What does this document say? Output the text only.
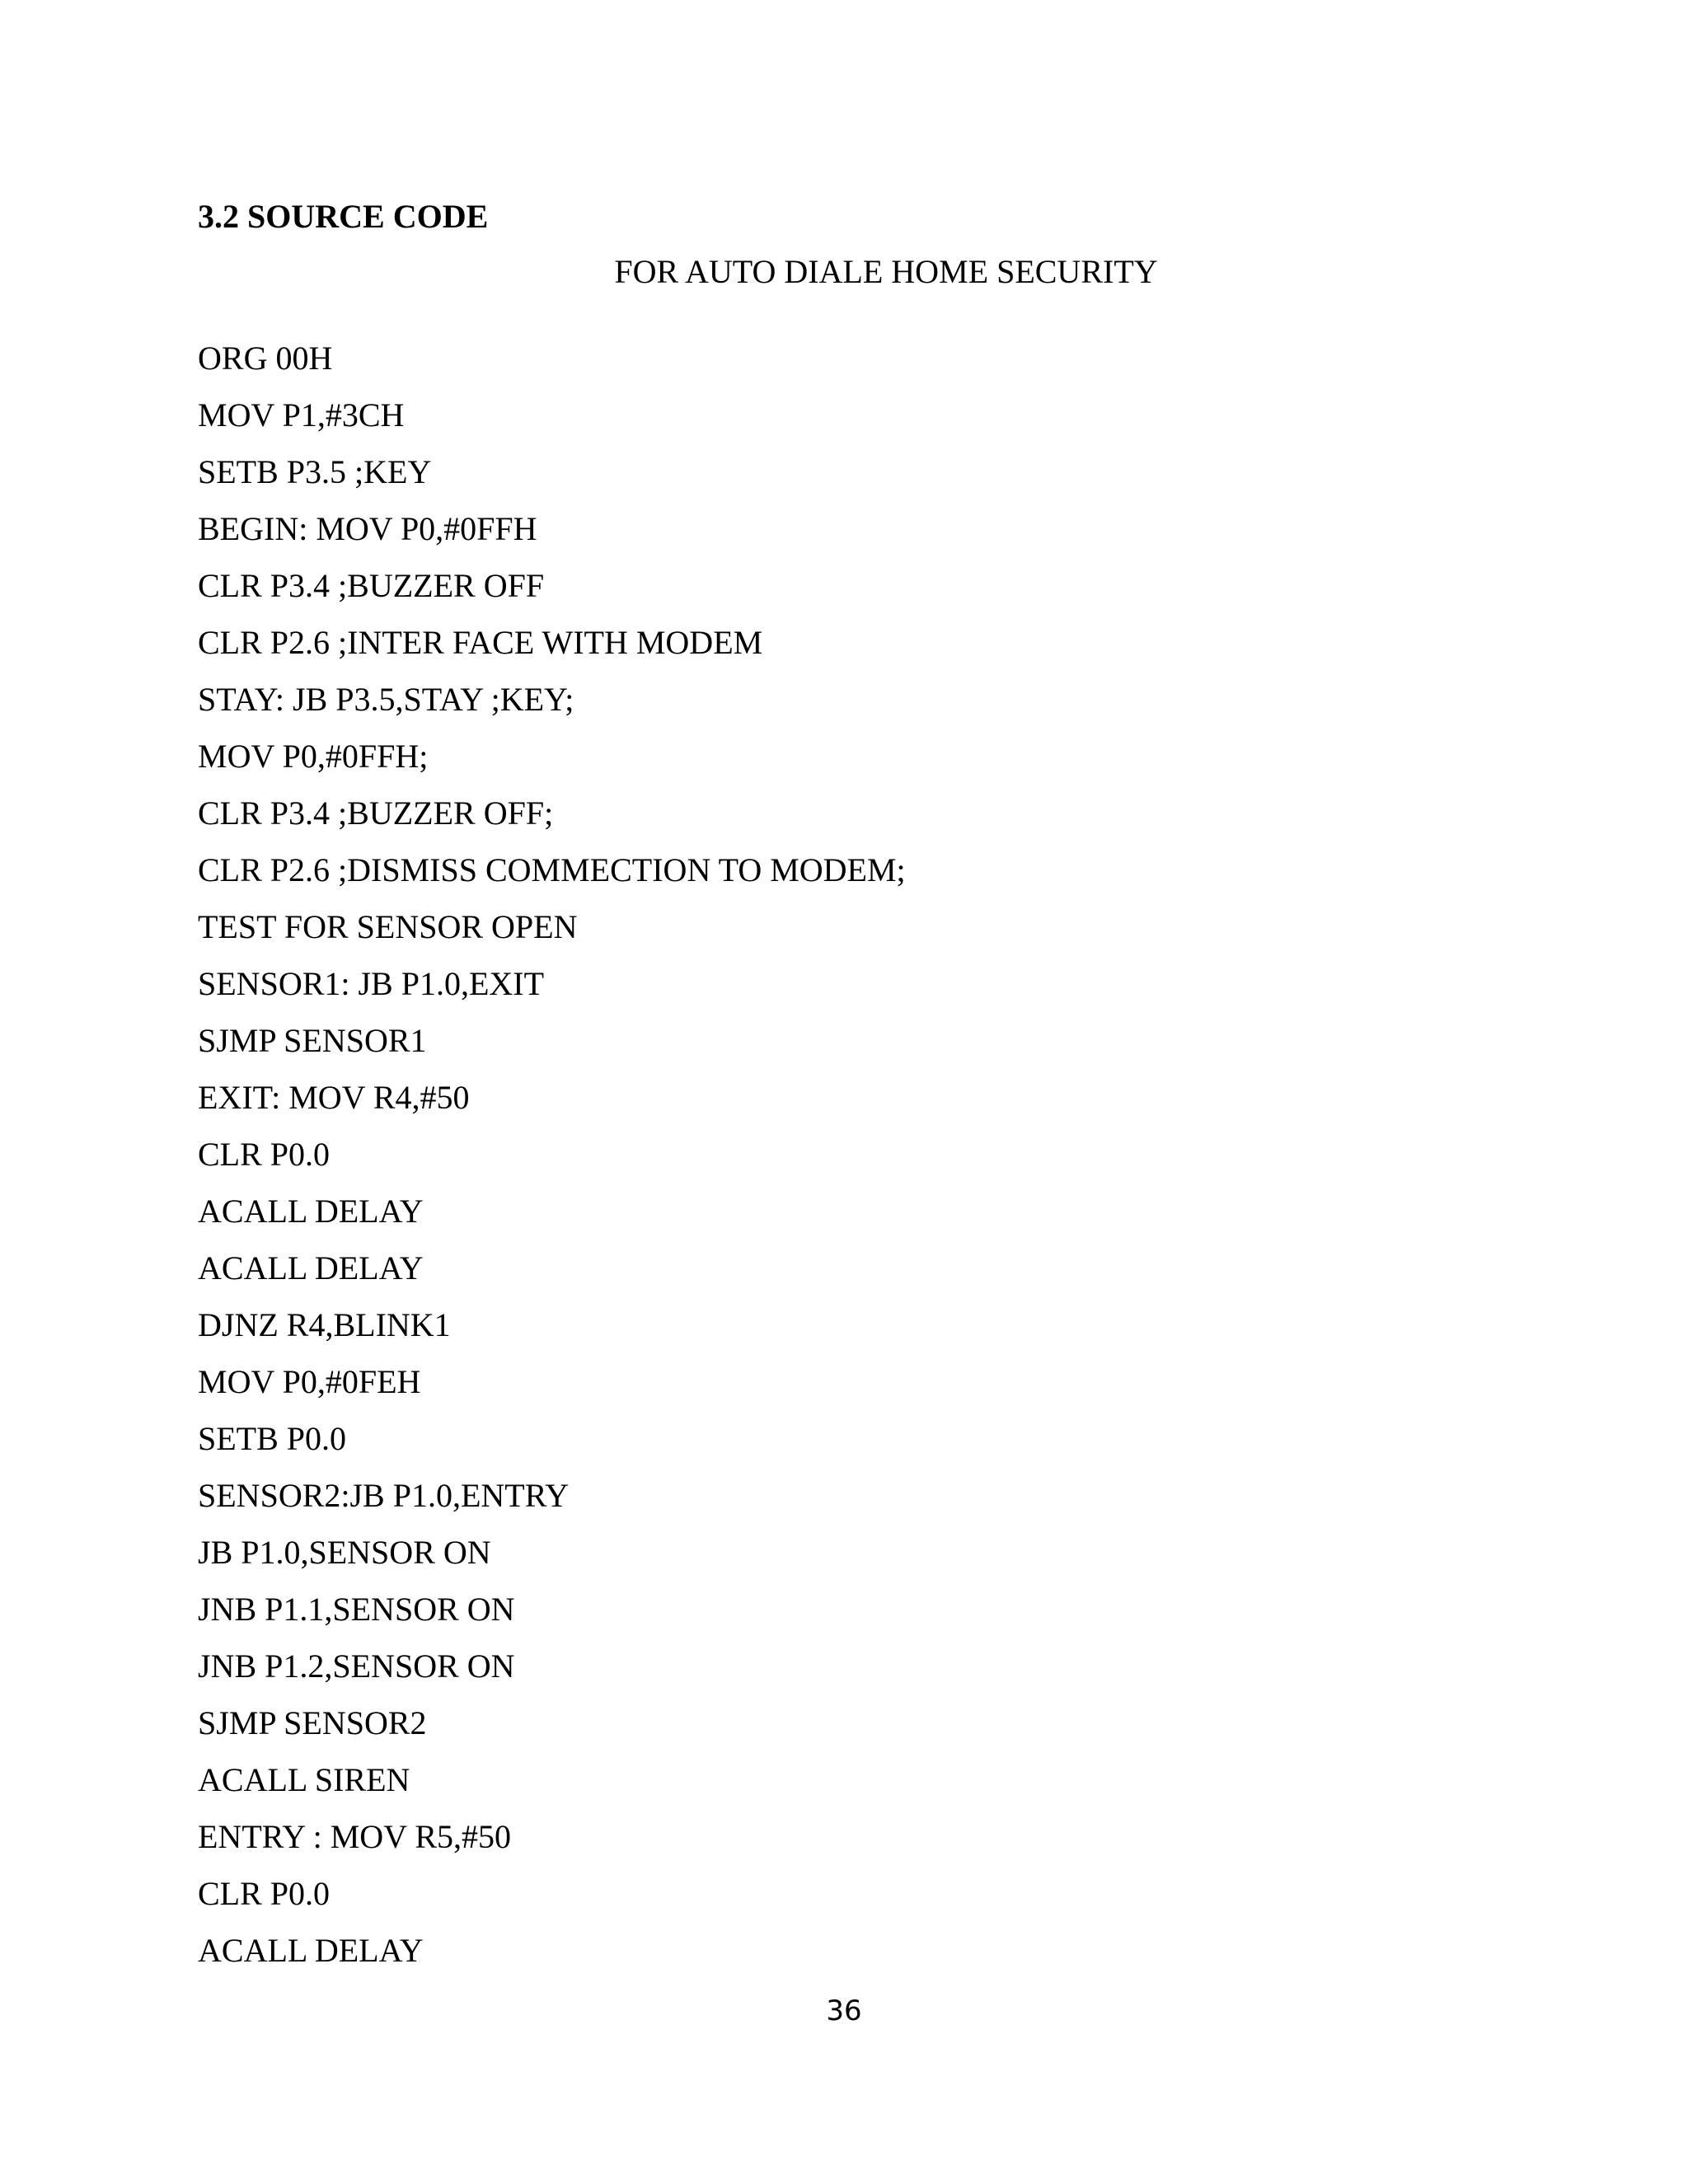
3.2 SOURCE CODE
FOR AUTO DIALE HOME SECURITY
ORG 00H
MOV P1,#3CH
SETB P3.5 ;KEY
BEGIN: MOV P0,#0FFH
CLR P3.4 ;BUZZER OFF
CLR P2.6 ;INTER FACE WITH MODEM
STAY: JB P3.5,STAY ;KEY;
MOV P0,#0FFH;
CLR P3.4 ;BUZZER OFF;
CLR P2.6 ;DISMISS COMMECTION TO MODEM;
TEST FOR SENSOR OPEN
SENSOR1: JB P1.0,EXIT
SJMP SENSOR1
EXIT: MOV R4,#50
CLR P0.0
ACALL DELAY
ACALL DELAY
DJNZ R4,BLINK1
MOV P0,#0FEH
SETB P0.0
SENSOR2:JB P1.0,ENTRY
JB P1.0,SENSOR ON
JNB P1.1,SENSOR ON
JNB P1.2,SENSOR ON
SJMP SENSOR2
ACALL SIREN
ENTRY : MOV R5,#50
CLR P0.0
ACALL DELAY
36
